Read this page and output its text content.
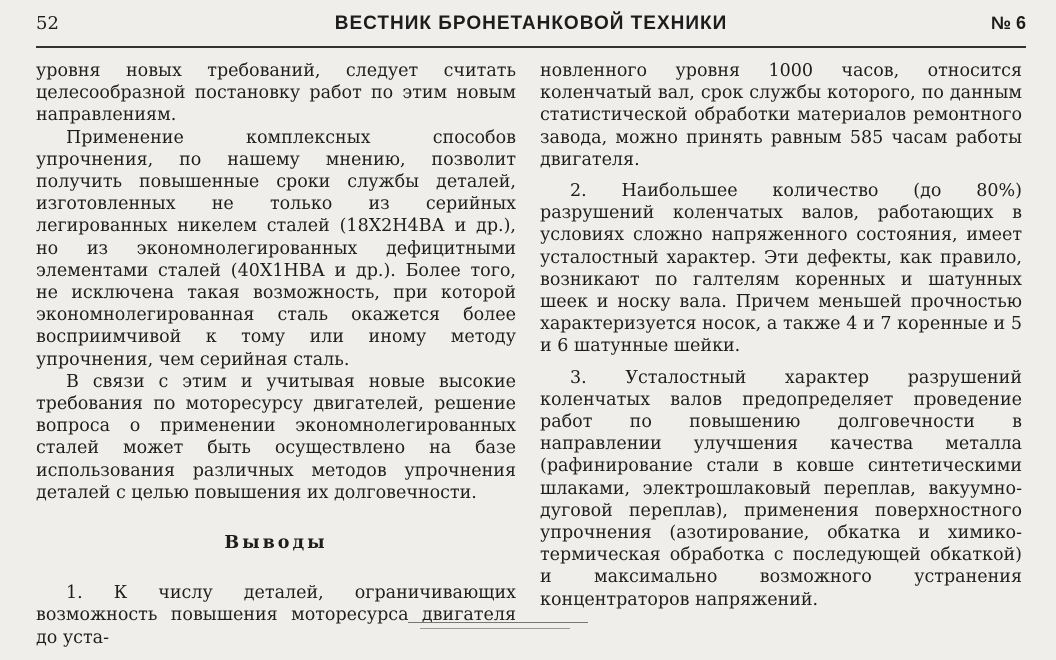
52	ВЕСТНИК БРОНЕТАНКОВОЙ ТЕХНИКИ	№ 6

уровня новых требований, следует считать целесообразной постановку работ по этим новым направлениям.

Применение комплексных способов упрочнения, по нашему мнению, позволит получить повышенные сроки службы деталей, изготовленных не только из серийных легированных никелем сталей (18Х2Н4ВА и др.), но из экономнолегированных дефицитными элементами сталей (40Х1НВА и др.). Более того, не исключена такая возможность, при которой экономнолегированная сталь окажется более восприимчивой к тому или иному методу упрочнения, чем серийная сталь.

В связи с этим и учитывая новые высокие требования по моторесурсу двигателей, решение вопроса о применении экономнолегированных сталей может быть осуществлено на базе использования различных методов упрочнения деталей с целью повышения их долговечности.

Выводы

1. К числу деталей, ограничивающих возможность повышения моторесурса двигателя до уста-

новленного уровня 1000 часов, относится коленчатый вал, срок службы которого, по данным статистической обработки материалов ремонтного завода, можно принять равным 585 часам работы двигателя.

2. Наибольшее количество (до 80%) разрушений коленчатых валов, работающих в условиях сложно напряженного состояния, имеет усталостный характер. Эти дефекты, как правило, возникают по галтелям коренных и шатунных шеек и носку вала. Причем меньшей прочностью характеризуется носок, а также 4 и 7 коренные и 5 и 6 шатунные шейки.

3. Усталостный характер разрушений коленчатых валов предопределяет проведение работ по повышению долговечности в направлении улучшения качества металла (рафинирование стали в ковше синтетическими шлаками, электрошлаковый переплав, вакуумно-дуговой переплав), применения поверхностного упрочнения (азотирование, обкатка и химико-термическая обработка с последующей обкаткой) и максимально возможного устранения концентраторов напряжений.
